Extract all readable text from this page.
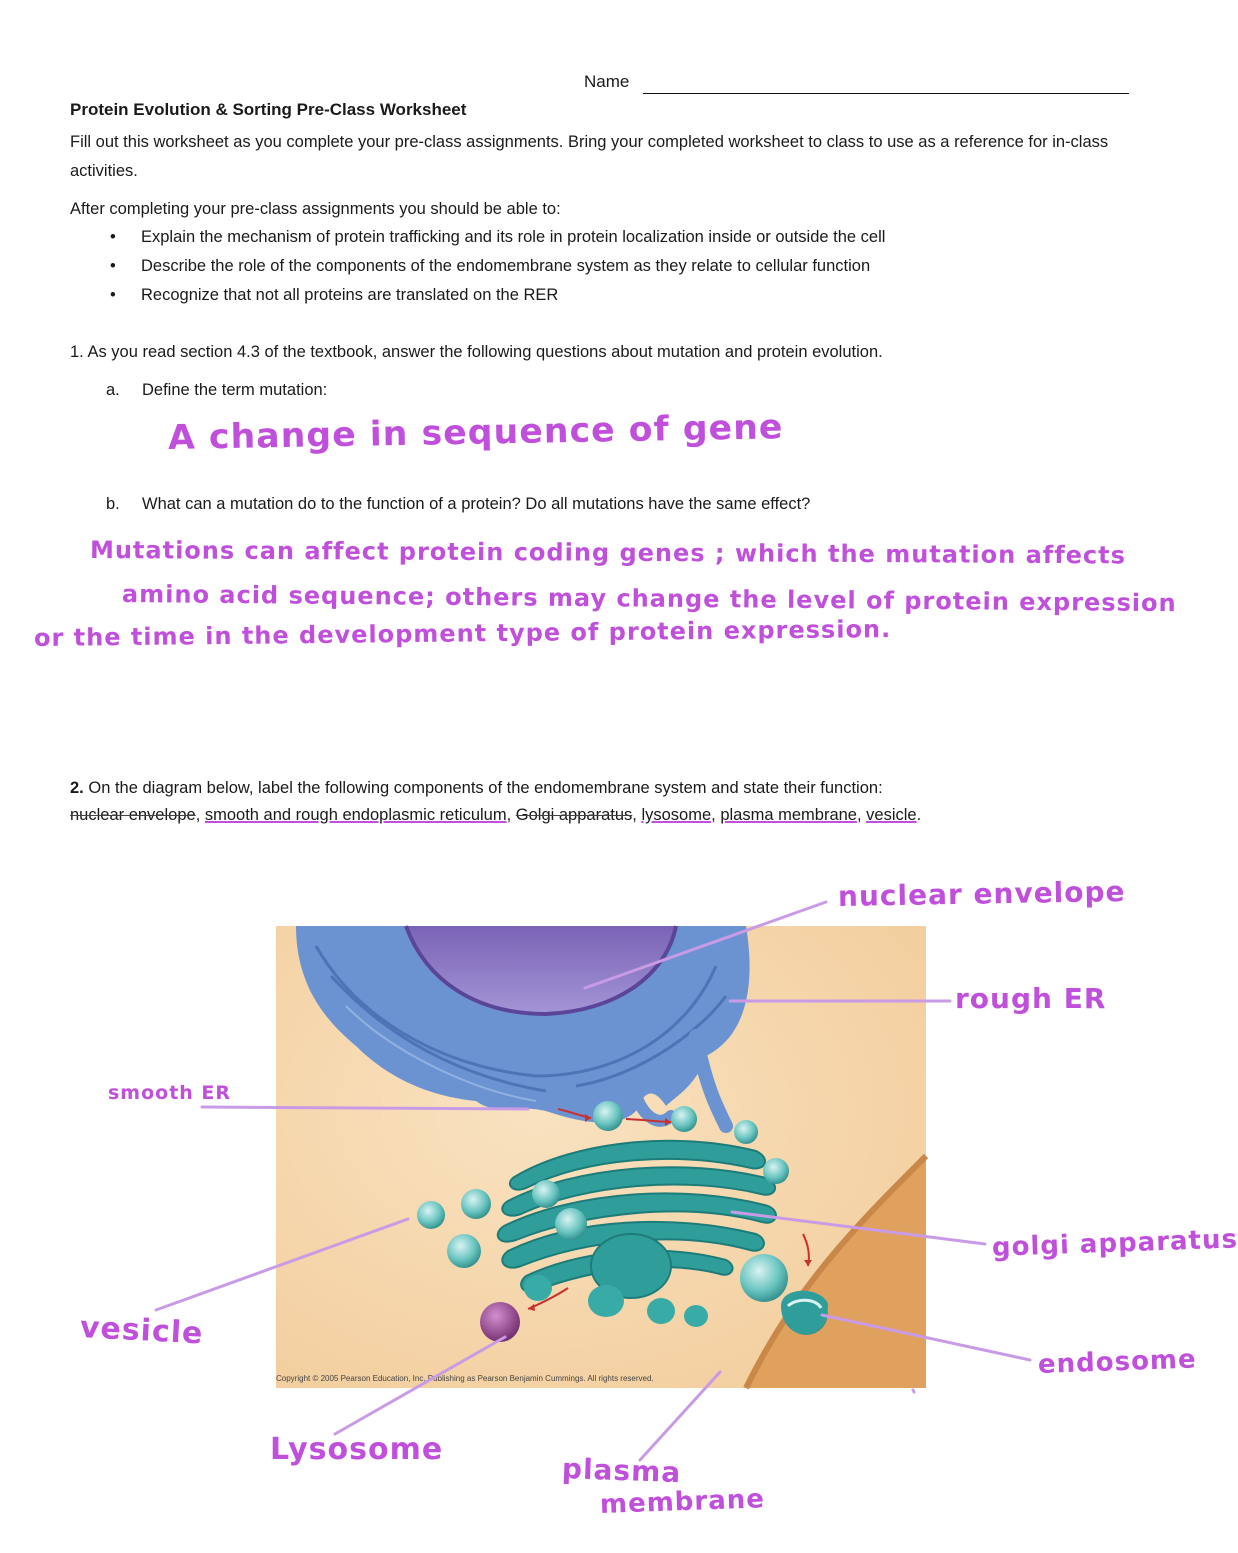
Name
Protein Evolution & Sorting Pre-Class Worksheet
Fill out this worksheet as you complete your pre-class assignments. Bring your completed worksheet to class to use as a reference for in-class activities.
After completing your pre-class assignments you should be able to:
• Explain the mechanism of protein trafficking and its role in protein localization inside or outside the cell
• Describe the role of the components of the endomembrane system as they relate to cellular function
• Recognize that not all proteins are translated on the RER
1. As you read section 4.3 of the textbook, answer the following questions about mutation and protein evolution.
a. Define the term mutation:
A change in sequence of gene
b. What can a mutation do to the function of a protein? Do all mutations have the same effect?
Mutations can affect protein coding genes ; which the mutation affects
amino acid sequence; others may change the level of protein expression
or the time in the development type of protein expression.
2. On the diagram below, label the following components of the endomembrane system and state their function:
nuclear envelope, smooth and rough endoplasmic reticulum, Golgi apparatus, lysosome, plasma membrane, vesicle.
Copyright © 2005 Pearson Education, Inc. Publishing as Pearson Benjamin Cummings. All rights reserved.
nuclear envelope
rough ER
smooth ER
golgi apparatus
vesicle
endosome
Lysosome
plasma
membrane
